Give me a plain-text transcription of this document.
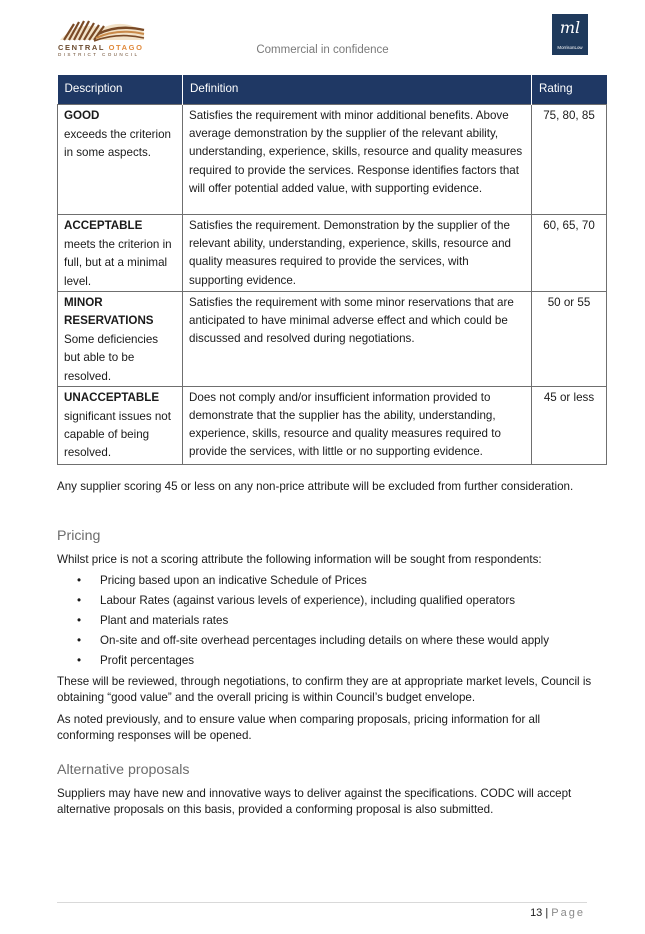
CENTRAL OTAGO
DISTRICT COUNCIL	Commercial in confidence
ml
MorrisonLow
Description	Definition	Rating

GOOD
exceeds the criterion in some aspects.	Satisfies the requirement with minor additional benefits. Above average demonstration by the supplier of the relevant ability, understanding, experience, skills, resource and quality measures required to provide the services. Response identifies factors that will offer potential added value, with supporting evidence.	75, 80, 85

ACCEPTABLE
meets the criterion in full, but at a minimal level.	Satisfies the requirement. Demonstration by the supplier of the relevant ability, understanding, experience, skills, resource and quality measures required to provide the services, with supporting evidence.	60, 65, 70

MINOR RESERVATIONS
Some deficiencies but able to be resolved.	Satisfies the requirement with some minor reservations that are anticipated to have minimal adverse effect and which could be discussed and resolved during negotiations.	50 or 55

UNACCEPTABLE
significant issues not capable of being resolved.	Does not comply and/or insufficient information provided to demonstrate that the supplier has the ability, understanding, experience, skills, resource and quality measures required to provide the services, with little or no supporting evidence.	45 or less

Any supplier scoring 45 or less on any non-price attribute will be excluded from further consideration.

Pricing

Whilst price is not a scoring attribute the following information will be sought from respondents:

• Pricing based upon an indicative Schedule of Prices
• Labour Rates (against various levels of experience), including qualified operators
• Plant and materials rates
• On-site and off-site overhead percentages including details on where these would apply
• Profit percentages

These will be reviewed, through negotiations, to confirm they are at appropriate market levels, Council is obtaining “good value” and the overall pricing is within Council’s budget envelope.

As noted previously, and to ensure value when comparing proposals, pricing information for all conforming responses will be opened.

Alternative proposals

Suppliers may have new and innovative ways to deliver against the specifications. CODC will accept alternative proposals on this basis, provided a conforming proposal is also submitted.

13 | Page
